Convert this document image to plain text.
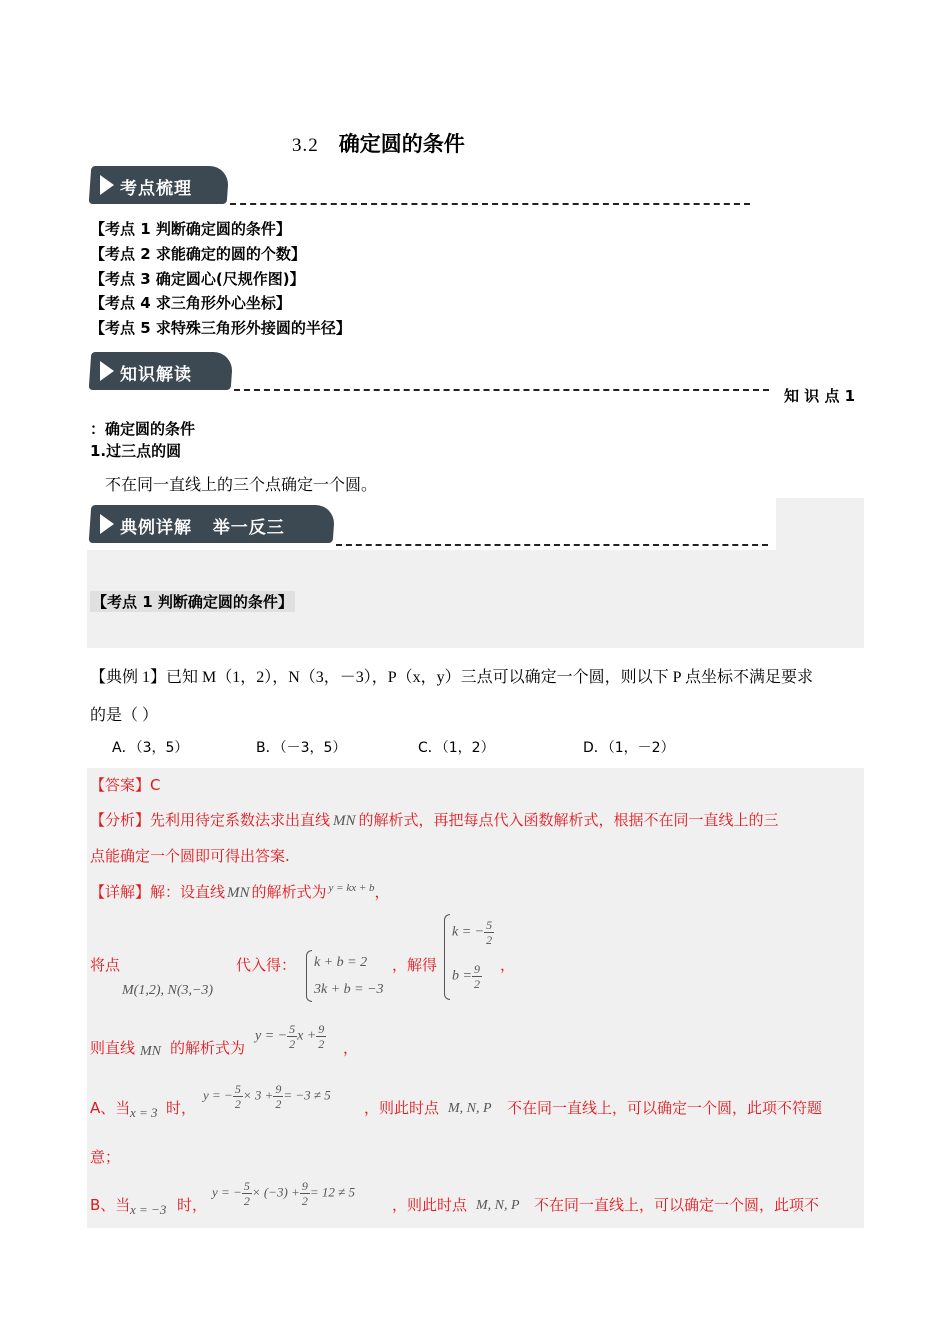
3.2 确定圆的条件
考点梳理
【考点 1 判断确定圆的条件】
【考点 2 求能确定的圆的个数】
【考点 3 确定圆心(尺规作图)】
【考点 4 求三角形外心坐标】
【考点 5 求特殊三角形外接圆的半径】
知识解读
知 识 点 1
：确定圆的条件
1.过三点的圆
不在同一直线上的三个点确定一个圆。
典例详解   举一反三
【考点 1 判断确定圆的条件】
【典例 1】已知 M（1，2），N（3，－3），P（x，y）三点可以确定一个圆，则以下 P 点坐标不满足要求
的是（ ）
A．（3，5）	B．（－3，5）	C．（1，2）	D．（1，－2）
【答案】C
【分析】先利用待定系数法求出直线 MN 的解析式，再把每点代入函数解析式，根据不在同一直线上的三
点能确定一个圆即可得出答案.
【详解】解：设直线 MN 的解析式为 $^{y = kx + b}$，
将点
M(1,2), N(3,−3)
代入得： k + b = 2
3k + b = −3
，解得
k = − $\frac{5}{2}$
$b = \frac{9}{2}$ ，
则直线 MN 的解析式为
y = − $\frac{5}{2}$ $x + \frac{9}{2}$ ，
A、当 x = 3 时，
y = − $\frac{5}{2} \times 3 + \frac{9}{2} = -3 \ne 5$
，则此时点 M, N, P 不在同一直线上，可以确定一个圆，此项不符题
意；
B、当 x = −3 时，
y = − $\frac{5}{2} \times (-3) + \frac{9}{2} = 12 \ne 5$
，则此时点 M, N, P 不在同一直线上，可以确定一个圆，此项不
